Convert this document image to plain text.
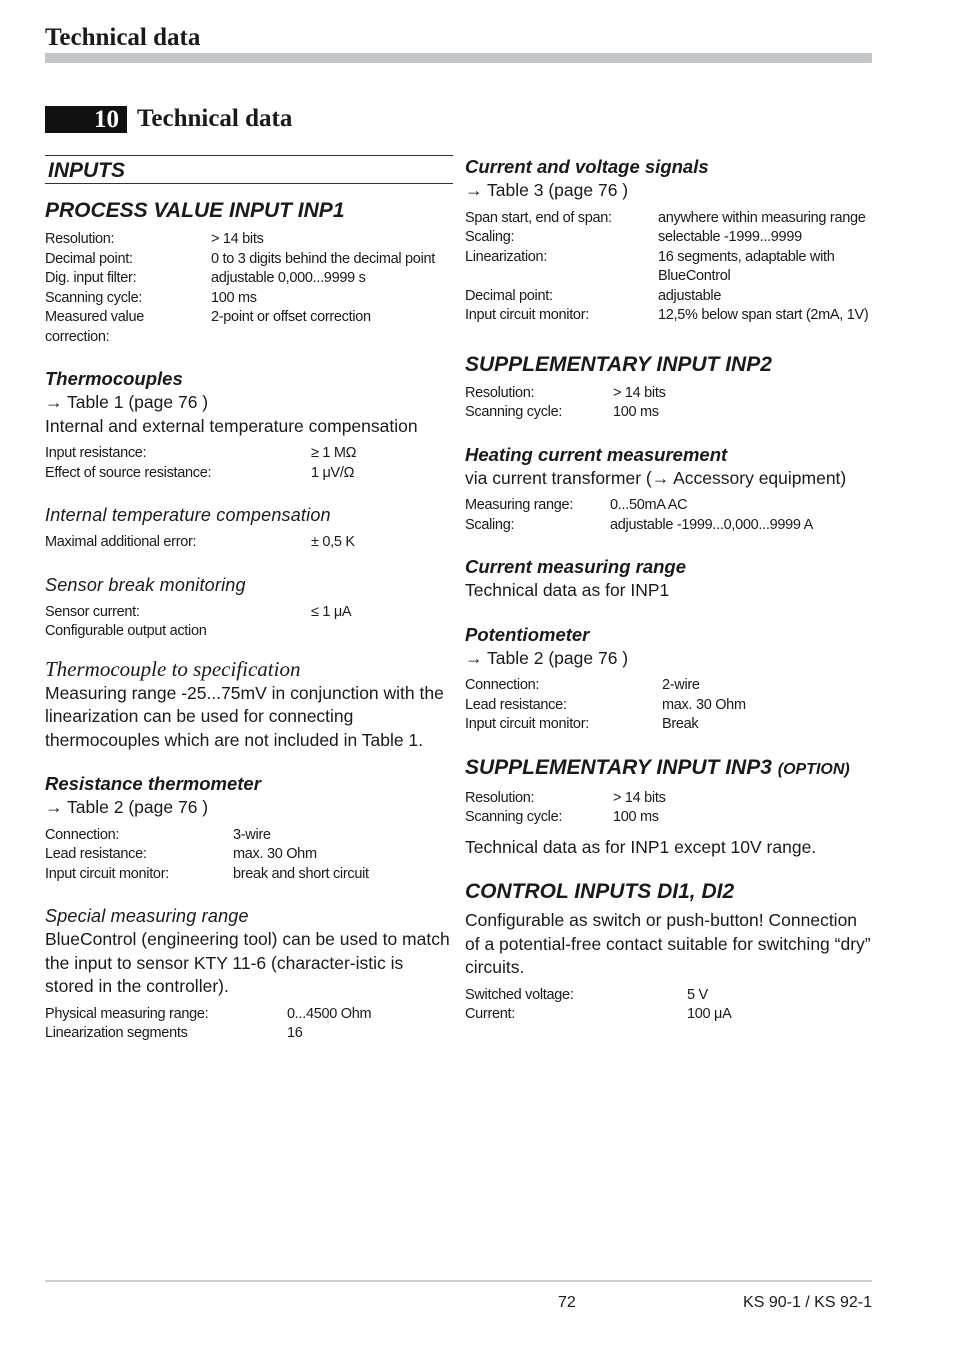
Technical data
10 Technical data
INPUTS
PROCESS VALUE INPUT INP1
Resolution:	> 14 bits
Decimal point:	0 to 3 digits behind the decimal point
Dig. input filter:	adjustable 0,000...9999 s
Scanning cycle:	100 ms
Measured value correction:
2-point or offset correction
Thermocouples
→ Table 1 (page 76 )
Internal and external temperature compensation
Input resistance:	≥ 1 MΩ
Effect of source resistance:	1 μV/Ω
Internal temperature compensation
Maximal additional error:	± 0,5 K
Sensor break monitoring
Sensor current:	≤ 1 μA
Configurable output action
Thermocouple to specification
Measuring range -25...75mV in conjunction with the linearization can be used for connecting thermocouples which are not included in Table 1.
Resistance thermometer
→ Table 2 (page 76 )
Connection:	3-wire
Lead resistance:	max. 30 Ohm
Input circuit monitor:	break and short circuit
Special measuring range
BlueControl (engineering tool) can be used to match the input to sensor KTY 11-6 (character-istic is stored in the controller).
Physical measuring range:	0...4500 Ohm
Linearization segments	16
Current and voltage signals
→ Table 3 (page 76 )
Span start, end of span:	anywhere within measuring range
Scaling:	selectable -1999...9999
Linearization:	16 segments, adaptable with BlueControl
Decimal point:	adjustable
Input circuit monitor:	12,5% below span start (2mA, 1V)
SUPPLEMENTARY INPUT INP2
Resolution:	> 14 bits
Scanning cycle:	100 ms
Heating current measurement
via current transformer (→ Accessory equipment)
Measuring range:	0...50mA AC
Scaling:	adjustable -1999...0,000...9999 A
Current measuring range
Technical data as for INP1
Potentiometer
→ Table 2 (page 76 )
Connection:	2-wire
Lead resistance:	max. 30 Ohm
Input circuit monitor:	Break
SUPPLEMENTARY INPUT INP3 (OPTION)
Resolution:	> 14 bits
Scanning cycle:	100 ms
Technical data as for INP1 except 10V range.
CONTROL INPUTS DI1, DI2
Configurable as switch or push-button! Connection of a potential-free contact suitable for switching “dry” circuits.
Switched voltage:	5 V
Current:	100 μA
72	KS 90-1 / KS 92-1
